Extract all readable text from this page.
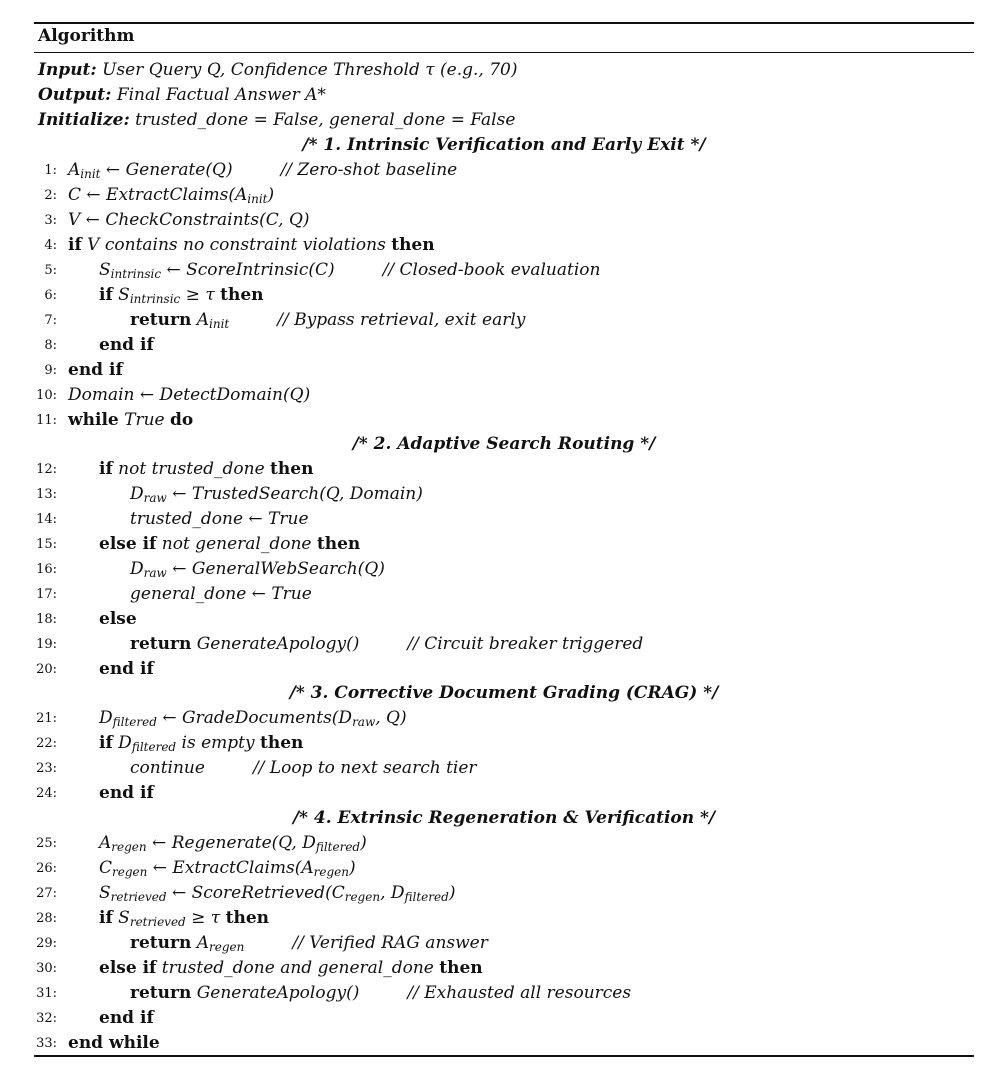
Algorithm
Input: User Query Q, Confidence Threshold τ (e.g., 70)
Output: Final Factual Answer A*
Initialize: trusted_done = False, general_done = False
/* 1. Intrinsic Verification and Early Exit */
/* 2. Adaptive Search Routing */
/* 3. Corrective Document Grading (CRAG) */
/* 4. Extrinsic Regeneration & Verification */
1: $A_{init}$ ← Generate(Q)	// Zero-shot baseline
2: C ← $ExtractClaims(A_{init})$
3: V ← CheckConstraints(C, Q)
4: if V contains no constraint violations then
5: $S_{intrinsic}$ ← ScoreIntrinsic(C)	// Closed-book evaluation
6: if $S_{intrinsic} \ge \tau$ then
7:	return $A_{init}$	// Bypass retrieval, exit early
8: end if
9: end if
10: Domain ← DetectDomain(Q)
11: while True do
12: if not trusted_done then
13:	$D_{raw}$ ← TrustedSearch(Q, Domain)
14:	trusted_done ← True
15: else if not general_done then
16:	$D_{raw}$ ← GeneralWebSearch(Q)
17:	general_done ← True
18: else
19:	return GenerateApology()	// Circuit breaker triggered
20: end if
21: $D_{filtered}$ ← $GradeDocuments(D_{raw}$, Q)
22: if $D_{filtered}$ is empty then
23:	continue	// Loop to next search tier
24: end if
25: $A_{regen}$ ← Regenerate(Q, $D_{filtered}$)
26: $C_{regen}$ ← $ExtractClaims(A_{regen})$
27: $S_{retrieved}$ ← $ScoreRetrieved(C_{regen}$, $D_{filtered}$)
28: if $S_{retrieved} \ge \tau$ then
29:	return $A_{regen}$	// Verified RAG answer
30: else if trusted_done and general_done then
31:	return GenerateApology()	// Exhausted all resources
32: end if
33: end while
